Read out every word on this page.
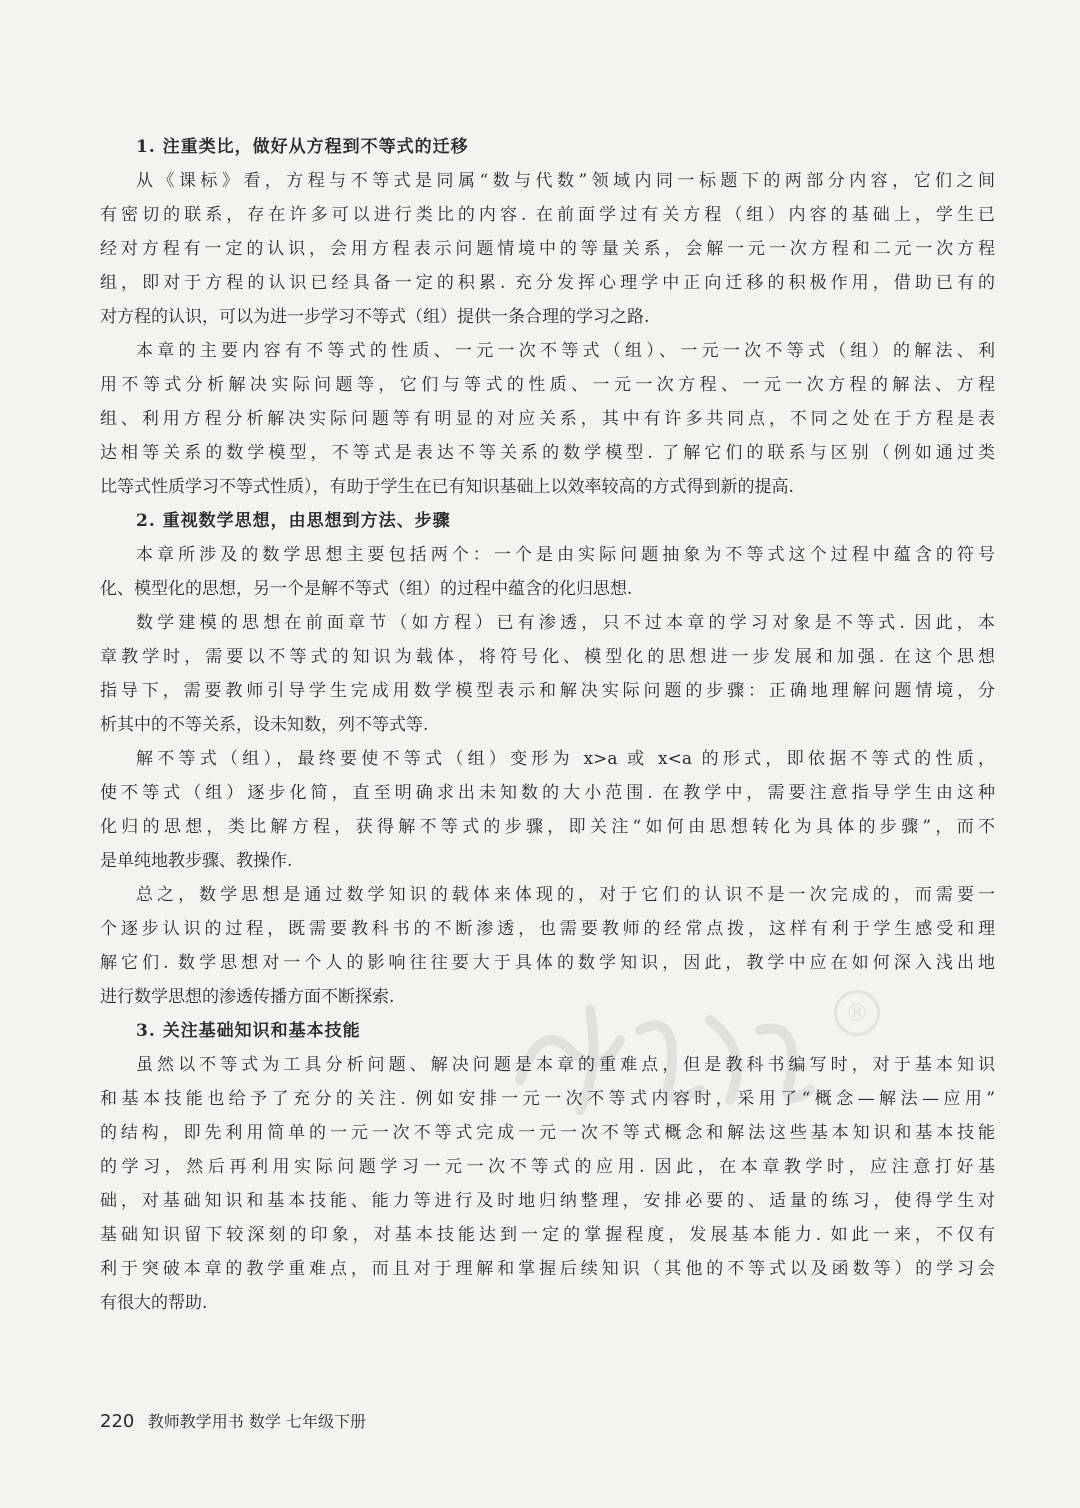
®
1. 注重类比，做好从方程到不等式的迁移
从《课标》看，方程与不等式是同属“数与代数”领域内同一标题下的两部分内容，它们之间
有密切的联系，存在许多可以进行类比的内容. 在前面学过有关方程（组）内容的基础上，学生已
经对方程有一定的认识，会用方程表示问题情境中的等量关系，会解一元一次方程和二元一次方程
组，即对于方程的认识已经具备一定的积累. 充分发挥心理学中正向迁移的积极作用，借助已有的
对方程的认识，可以为进一步学习不等式（组）提供一条合理的学习之路.
本章的主要内容有不等式的性质、一元一次不等式（组）、一元一次不等式（组）的解法、利
用不等式分析解决实际问题等，它们与等式的性质、一元一次方程、一元一次方程的解法、方程
组、利用方程分析解决实际问题等有明显的对应关系，其中有许多共同点，不同之处在于方程是表
达相等关系的数学模型，不等式是表达不等关系的数学模型. 了解它们的联系与区别（例如通过类
比等式性质学习不等式性质），有助于学生在已有知识基础上以效率较高的方式得到新的提高.
2. 重视数学思想，由思想到方法、步骤
本章所涉及的数学思想主要包括两个：一个是由实际问题抽象为不等式这个过程中蕴含的符号
化、模型化的思想，另一个是解不等式（组）的过程中蕴含的化归思想.
数学建模的思想在前面章节（如方程）已有渗透，只不过本章的学习对象是不等式. 因此，本
章教学时，需要以不等式的知识为载体，将符号化、模型化的思想进一步发展和加强. 在这个思想
指导下，需要教师引导学生完成用数学模型表示和解决实际问题的步骤：正确地理解问题情境，分
析其中的不等关系，设未知数，列不等式等.
解不等式（组），最终要使不等式（组）变形为 x>a 或 x<a 的形式，即依据不等式的性质，
使不等式（组）逐步化简，直至明确求出未知数的大小范围. 在教学中，需要注意指导学生由这种
化归的思想，类比解方程，获得解不等式的步骤，即关注“如何由思想转化为具体的步骤”，而不
是单纯地教步骤、教操作.
总之，数学思想是通过数学知识的载体来体现的，对于它们的认识不是一次完成的，而需要一
个逐步认识的过程，既需要教科书的不断渗透，也需要教师的经常点拨，这样有利于学生感受和理
解它们. 数学思想对一个人的影响往往要大于具体的数学知识，因此，教学中应在如何深入浅出地
进行数学思想的渗透传播方面不断探索.
3. 关注基础知识和基本技能
虽然以不等式为工具分析问题、解决问题是本章的重难点，但是教科书编写时，对于基本知识
和基本技能也给予了充分的关注. 例如安排一元一次不等式内容时，采用了“概念—解法—应用”
的结构，即先利用简单的一元一次不等式完成一元一次不等式概念和解法这些基本知识和基本技能
的学习，然后再利用实际问题学习一元一次不等式的应用. 因此，在本章教学时，应注意打好基
础，对基础知识和基本技能、能力等进行及时地归纳整理，安排必要的、适量的练习，使得学生对
基础知识留下较深刻的印象，对基本技能达到一定的掌握程度，发展基本能力. 如此一来，不仅有
利于突破本章的教学重难点，而且对于理解和掌握后续知识（其他的不等式以及函数等）的学习会
有很大的帮助.
220 教师教学用书 数学 七年级下册
